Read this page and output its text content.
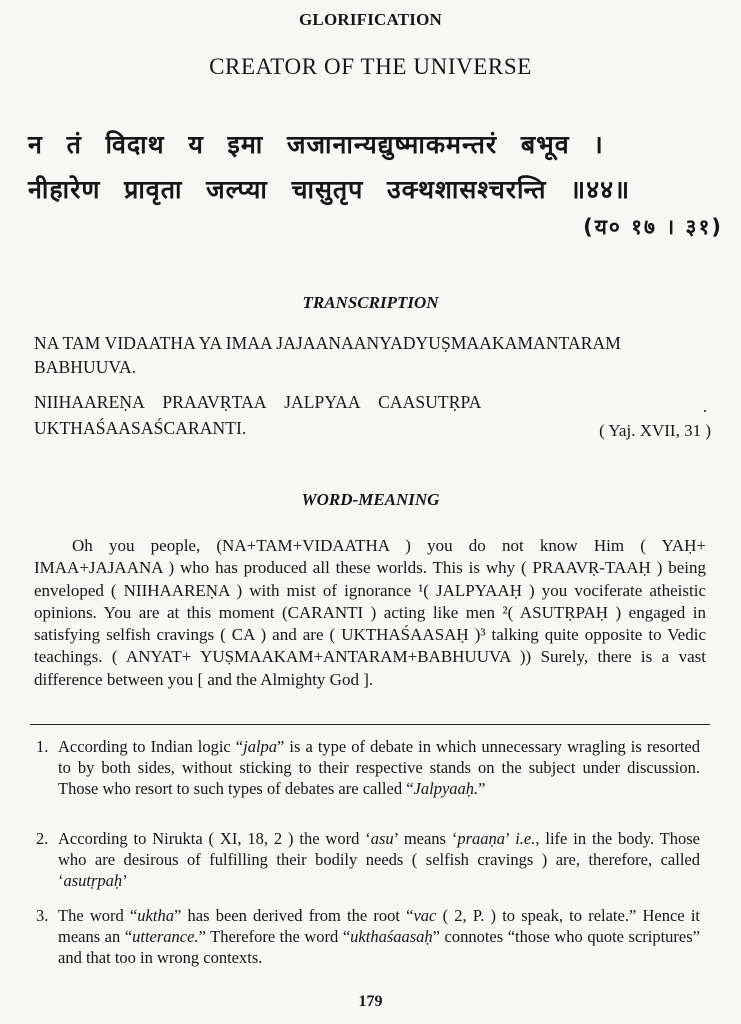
GLORIFICATION
CREATOR OF THE UNIVERSE
न तं विदाथ य इमा जजानान्यद्युष्माकमन्तरं बभूव ।
नीहारेण प्रावृता जल्प्या चासुतृप उक्थशासश्चरन्ति ॥४४॥
(य० १७ । ३१)
TRANSCRIPTION
NA TAM VIDAATHA YA IMAA JAJAANAANYADYUṢMAAKAMANTARAM
BABHUUVA.
NIIHAAREṆA PRAAVṚTAA JALPYAA CAASUTṚPA
UKTHAŚAASAŚCARANTI.
.
( Yaj. XVII, 31 )
WORD-MEANING
Oh you people, (NA+TAM+VIDAATHA ) you do not know Him ( YAḤ+ IMAA+JAJAANA ) who has produced all these worlds. This is why ( PRAAVṚ-TAAḤ ) being enveloped ( NIIHAAREṆA ) with mist of ignorance ¹( JALPYAAḤ ) you vociferate atheistic opinions. You are at this moment (CARANTI ) acting like men ²( ASUTṚPAḤ ) engaged in satisfying selfish cravings ( CA ) and are ( UKTHAŚAASAḤ )³ talking quite opposite to Vedic teachings. ( ANYAT+ YUṢMAAKAM+ANTARAM+BABHUUVA )) Surely, there is a vast difference between you [ and the Almighty God ].
1. According to Indian logic “jalpa” is a type of debate in which unnecessary wragling is resorted to by both sides, without sticking to their respective stands on the subject under discussion. Those who resort to such types of debates are called “Jalpyaaḥ.”
2. According to Nirukta ( XI, 18, 2 ) the word ‘asu’ means ‘praaṇa’ i.e., life in the body. Those who are desirous of fulfilling their bodily needs ( selfish cravings ) are, therefore, called ‘asutṛpaḥ’
3. The word “uktha” has been derived from the root “vac ( 2, P. ) to speak, to relate.” Hence it means an “utterance.” Therefore the word “ukthaśaasaḥ” connotes “those who quote scriptures” and that too in wrong contexts.
179
